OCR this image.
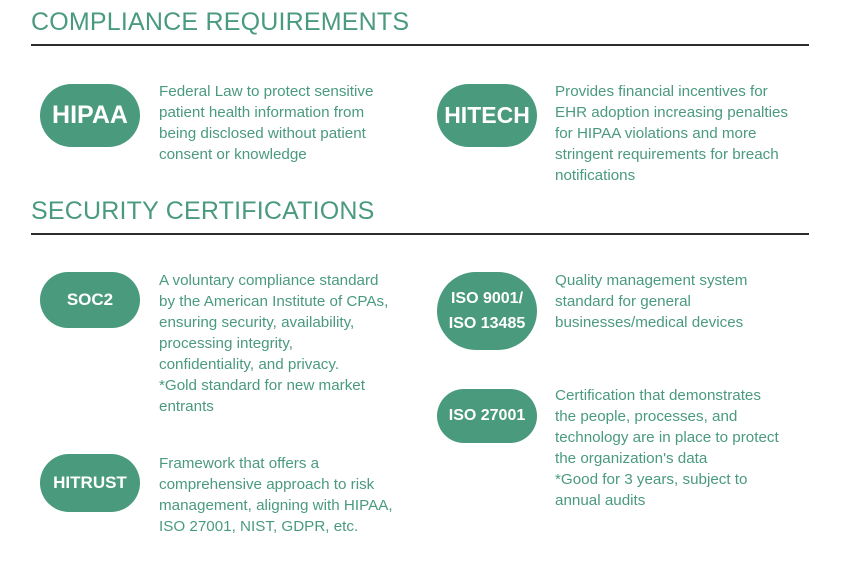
COMPLIANCE REQUIREMENTS
HIPAA
Federal Law to protect sensitive
patient health information from
being disclosed without patient
consent or knowledge
HITECH
Provides financial incentives for
EHR adoption increasing penalties
for HIPAA violations and more
stringent requirements for breach
notifications
SECURITY CERTIFICATIONS
SOC2
A voluntary compliance standard
by the American Institute of CPAs,
ensuring security, availability,
processing integrity,
confidentiality, and privacy.
*Gold standard for new market
entrants
ISO 9001/
ISO 13485
Quality management system
standard for general
businesses/medical devices
ISO 27001
Certification that demonstrates
the people, processes, and
technology are in place to protect
the organization's data
*Good for 3 years, subject to
annual audits
HITRUST
Framework that offers a
comprehensive approach to risk
management, aligning with HIPAA,
ISO 27001, NIST, GDPR, etc.
